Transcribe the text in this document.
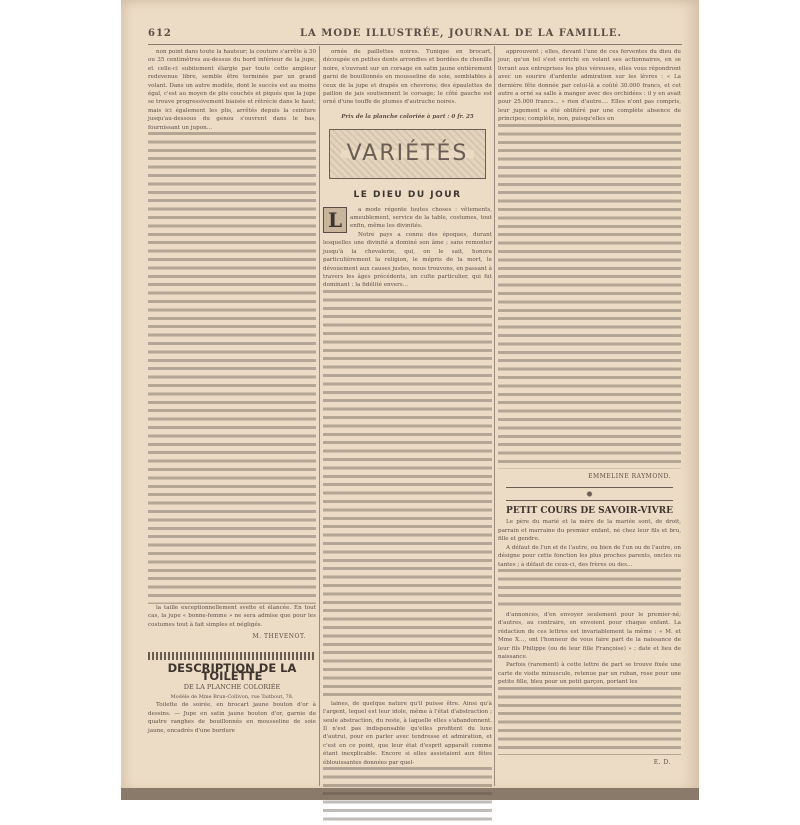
612	LA MODE ILLUSTRÉE, JOURNAL DE LA FAMILLE.

non point dans toute la hauteur; la couture s'arrête à 30 ou 35 centimètres au-dessus du bord inférieur de la jupe, et celle-ci subitement élargie par toute cette ampleur redevenue libre, semble être terminée par un grand volant. Dans un autre modèle, dont le succès est au moins égal, c'est au moyen de plis couchés et piqués que la jupe se trouve progressivement biaisée et rétrécie dans le haut; mais ici également les plis, arrêtés depuis la ceinture jusqu'au-dessous du genou s'ouvrent dans le bas, fournissant un jupon...

la taille exceptionnellement svelte et élancée. En tout cas, la jupe « bonne-femme » ne sera admise que pour les costumes tout à fait simples et négligés.

M. THEVENOT.
DESCRIPTION DE LA TOILETTE
DE LA PLANCHE COLORIÉE
Modèle de Mme Brun-Collivon, rue Taitbout, 78.

Toilette de soirée, en brocart jaune bouton d'or à dessins. — Jupe en satin jaune bouton d'or, garnie de quatre ranghes de bouillonnés en mousseline de soie jaune, encadrés d'une bordure

ornée de paillettes noires. Tunique en brocart, découpée en petites dents arrondies et bordées de chenille noire, s'ouvrant sur un corsage en satin jaune entièrement garni de bouillonnés en mousseline de soie, semblables à ceux de la jupe et drapés en chevrons; des épaulettes de paillon de jais soutiennent le corsage; le côté gauche est orné d'une touffe de plumes d'autruche noires.

Prix de la planche coloriée à part : 0 fr. 25
VARIÉTÉS
LE DIEU DU JOUR
L	a mode régente toutes choses : vêtements, ameublement, service de la table, costumes, tout enfin, même les divinités.

Notre pays a connu des époques, durant lesquelles une divinité a dominé son âme ; sans remonter jusqu'à la chevalerie, qui, on le sait, honora particulièrement la religion, le mépris de la mort, le dévouement aux causes justes, nous trouvons, en passant à travers les âges précédents, un culte particulier, qui fut dominant : la fidélité envers...

laines, de quelque nature qu'il puisse être. Ainsi qu'à l'argent, lequel est leur idole, même à l'état d'abstraction ; seule abstraction, du reste, à laquelle elles s'abandonnent. Il n'est pas indispensable qu'elles profitent du luxe d'autrui, pour en parler avec tendresse et admiration, et c'est en ce point, que leur état d'esprit apparaît comme étant inexplicable. Encore si elles assistaient aux fêtes éblouissantes données par quel-

approuvent ; elles, devant l'une de ces ferventes du dieu du jour, qu'un tel s'est enrichi en volant ses actionnaires, en se livrant aux entreprises les plus véreuses, elles vous répondront avec un sourire d'ardente admiration sur les lèvres : « La dernière fête donnée par celui-là a coûté 30.000 francs, et cet autre a orné sa salle à manger avec des orchidées : il y en avait pour 25.000 francs... » rien d'autre.... Elles n'ont pas compris, leur jugement a été oblitéré par une complète absence de principes; complète, non, puisqu'elles en

EMMELINE RAYMOND.
PETIT COURS DE SAVOIR-VIVRE

Le père du marié et la mère de la mariée sont, de droit, parrain et marraine du premier enfant, né chez leur fils et bru, fille et gendre.

A défaut de l'un et de l'autre, ou bien de l'un ou de l'autre, on désigne pour cette fonction les plus proches parents, oncles ou tantes ; à défaut de ceux-ci, des frères ou des...

d'annonces, d'en envoyer seulement pour le premier-né; d'autres, au contraire, en envoient pour chaque enfant. La rédaction de ces lettres est invariablement la même : « M. et Mme X..., ont l'honneur de vous faire part de la naissance de leur fils Philippe (ou de leur fille Françoise) » ; date et lieu de naissance.

Parfois (rarement) à cette lettre de part se trouve fixée une carte de visite minuscule, retenue par un ruban, rose pour une petite fille, bleu pour un petit garçon, portant les

E. D.
